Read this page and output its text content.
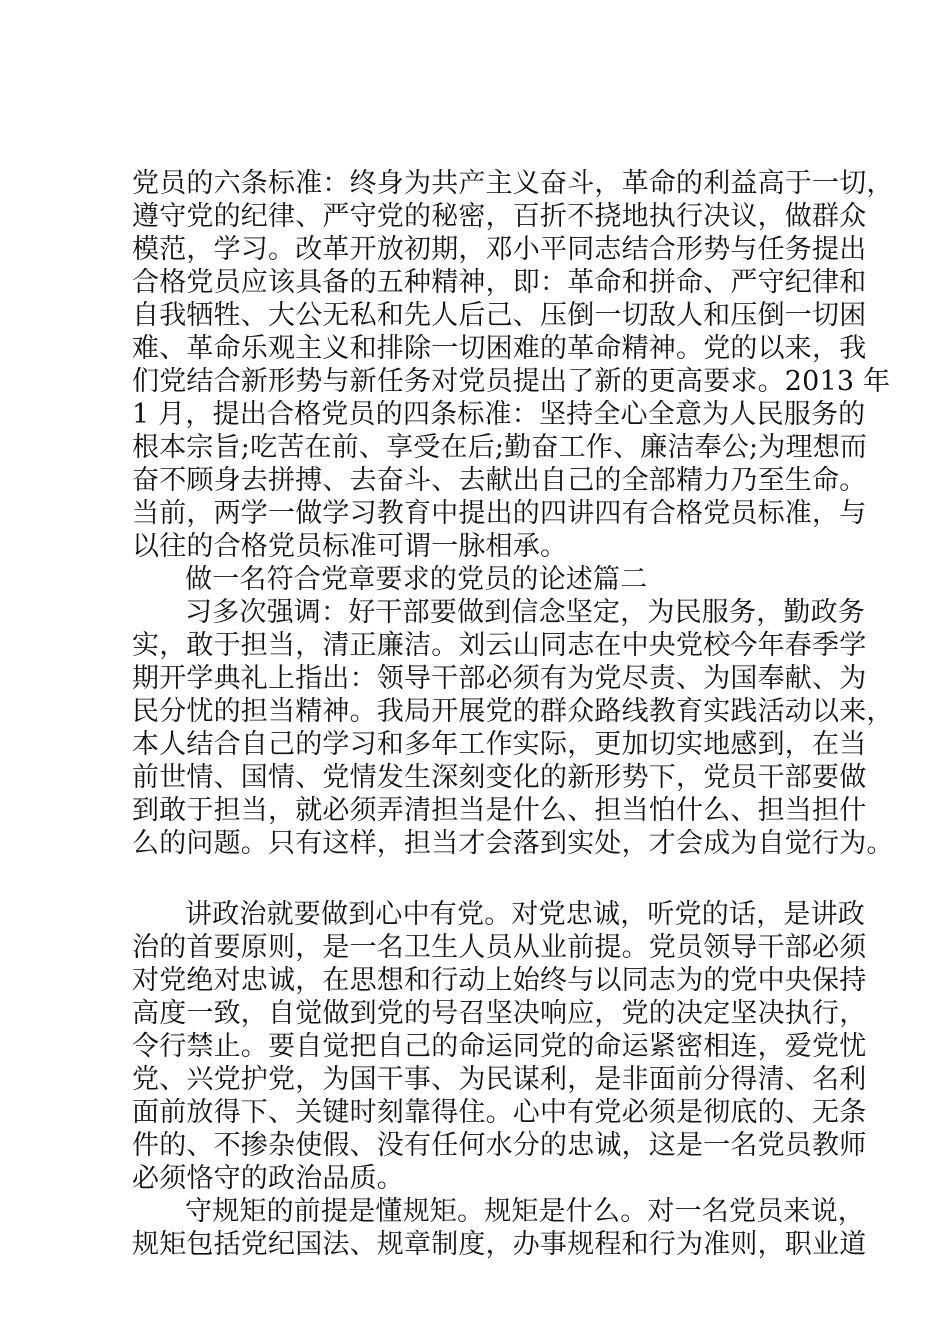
党员的六条标准：终身为共产主义奋斗，革命的利益高于一切，
遵守党的纪律、严守党的秘密，百折不挠地执行决议，做群众
模范，学习。改革开放初期，邓小平同志结合形势与任务提出
合格党员应该具备的五种精神，即：革命和拼命、严守纪律和
自我牺牲、大公无私和先人后己、压倒一切敌人和压倒一切困
难、革命乐观主义和排除一切困难的革命精神。党的以来，我
们党结合新形势与新任务对党员提出了新的更高要求。2013 年
1 月，提出合格党员的四条标准：坚持全心全意为人民服务的
根本宗旨;吃苦在前、享受在后;勤奋工作、廉洁奉公;为理想而
奋不顾身去拼搏、去奋斗、去献出自己的全部精力乃至生命。
当前，两学一做学习教育中提出的四讲四有合格党员标准，与
以往的合格党员标准可谓一脉相承。
做一名符合党章要求的党员的论述篇二
习多次强调：好干部要做到信念坚定，为民服务，勤政务
实，敢于担当，清正廉洁。刘云山同志在中央党校今年春季学
期开学典礼上指出：领导干部必须有为党尽责、为国奉献、为
民分忧的担当精神。我局开展党的群众路线教育实践活动以来，
本人结合自己的学习和多年工作实际，更加切实地感到，在当
前世情、国情、党情发生深刻变化的新形势下，党员干部要做
到敢于担当，就必须弄清担当是什么、担当怕什么、担当担什
么的问题。只有这样，担当才会落到实处，才会成为自觉行为。
讲政治就要做到心中有党。对党忠诚，听党的话，是讲政
治的首要原则，是一名卫生人员从业前提。党员领导干部必须
对党绝对忠诚，在思想和行动上始终与以同志为的党中央保持
高度一致，自觉做到党的号召坚决响应，党的决定坚决执行，
令行禁止。要自觉把自己的命运同党的命运紧密相连，爱党忧
党、兴党护党，为国干事、为民谋利，是非面前分得清、名利
面前放得下、关键时刻靠得住。心中有党必须是彻底的、无条
件的、不掺杂使假、没有任何水分的忠诚，这是一名党员教师
必须恪守的政治品质。
守规矩的前提是懂规矩。规矩是什么。对一名党员来说，
规矩包括党纪国法、规章制度，办事规程和行为准则，职业道
